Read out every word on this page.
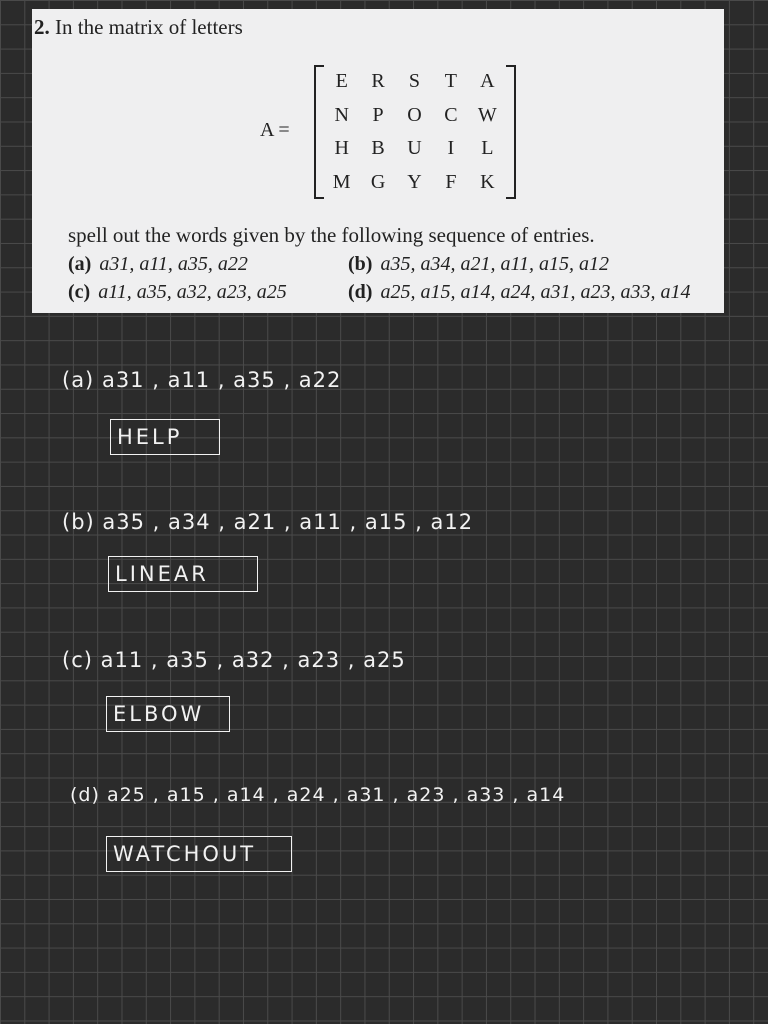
2. In the matrix of letters
A =
E R S T A
N P O C W
H B U I L
M G Y F K
spell out the words given by the following sequence of entries.
(a) a31, a11, a35, a22	(b) a35, a34, a21, a11, a15, a12
(c) a11, a35, a32, a23, a25	(d) a25, a15, a14, a24, a31, a23, a33, a14
(a) a31 , a11 , a35 , a22
HELP
(b) a35 , a34 , a21 , a11 , a15 , a12
LINEAR
(c) a11 , a35 , a32 , a23 , a25
ELBOW
(d) a25 , a15 , a14 , a24 , a31 , a23 , a33 , a14
WATCHOUT
